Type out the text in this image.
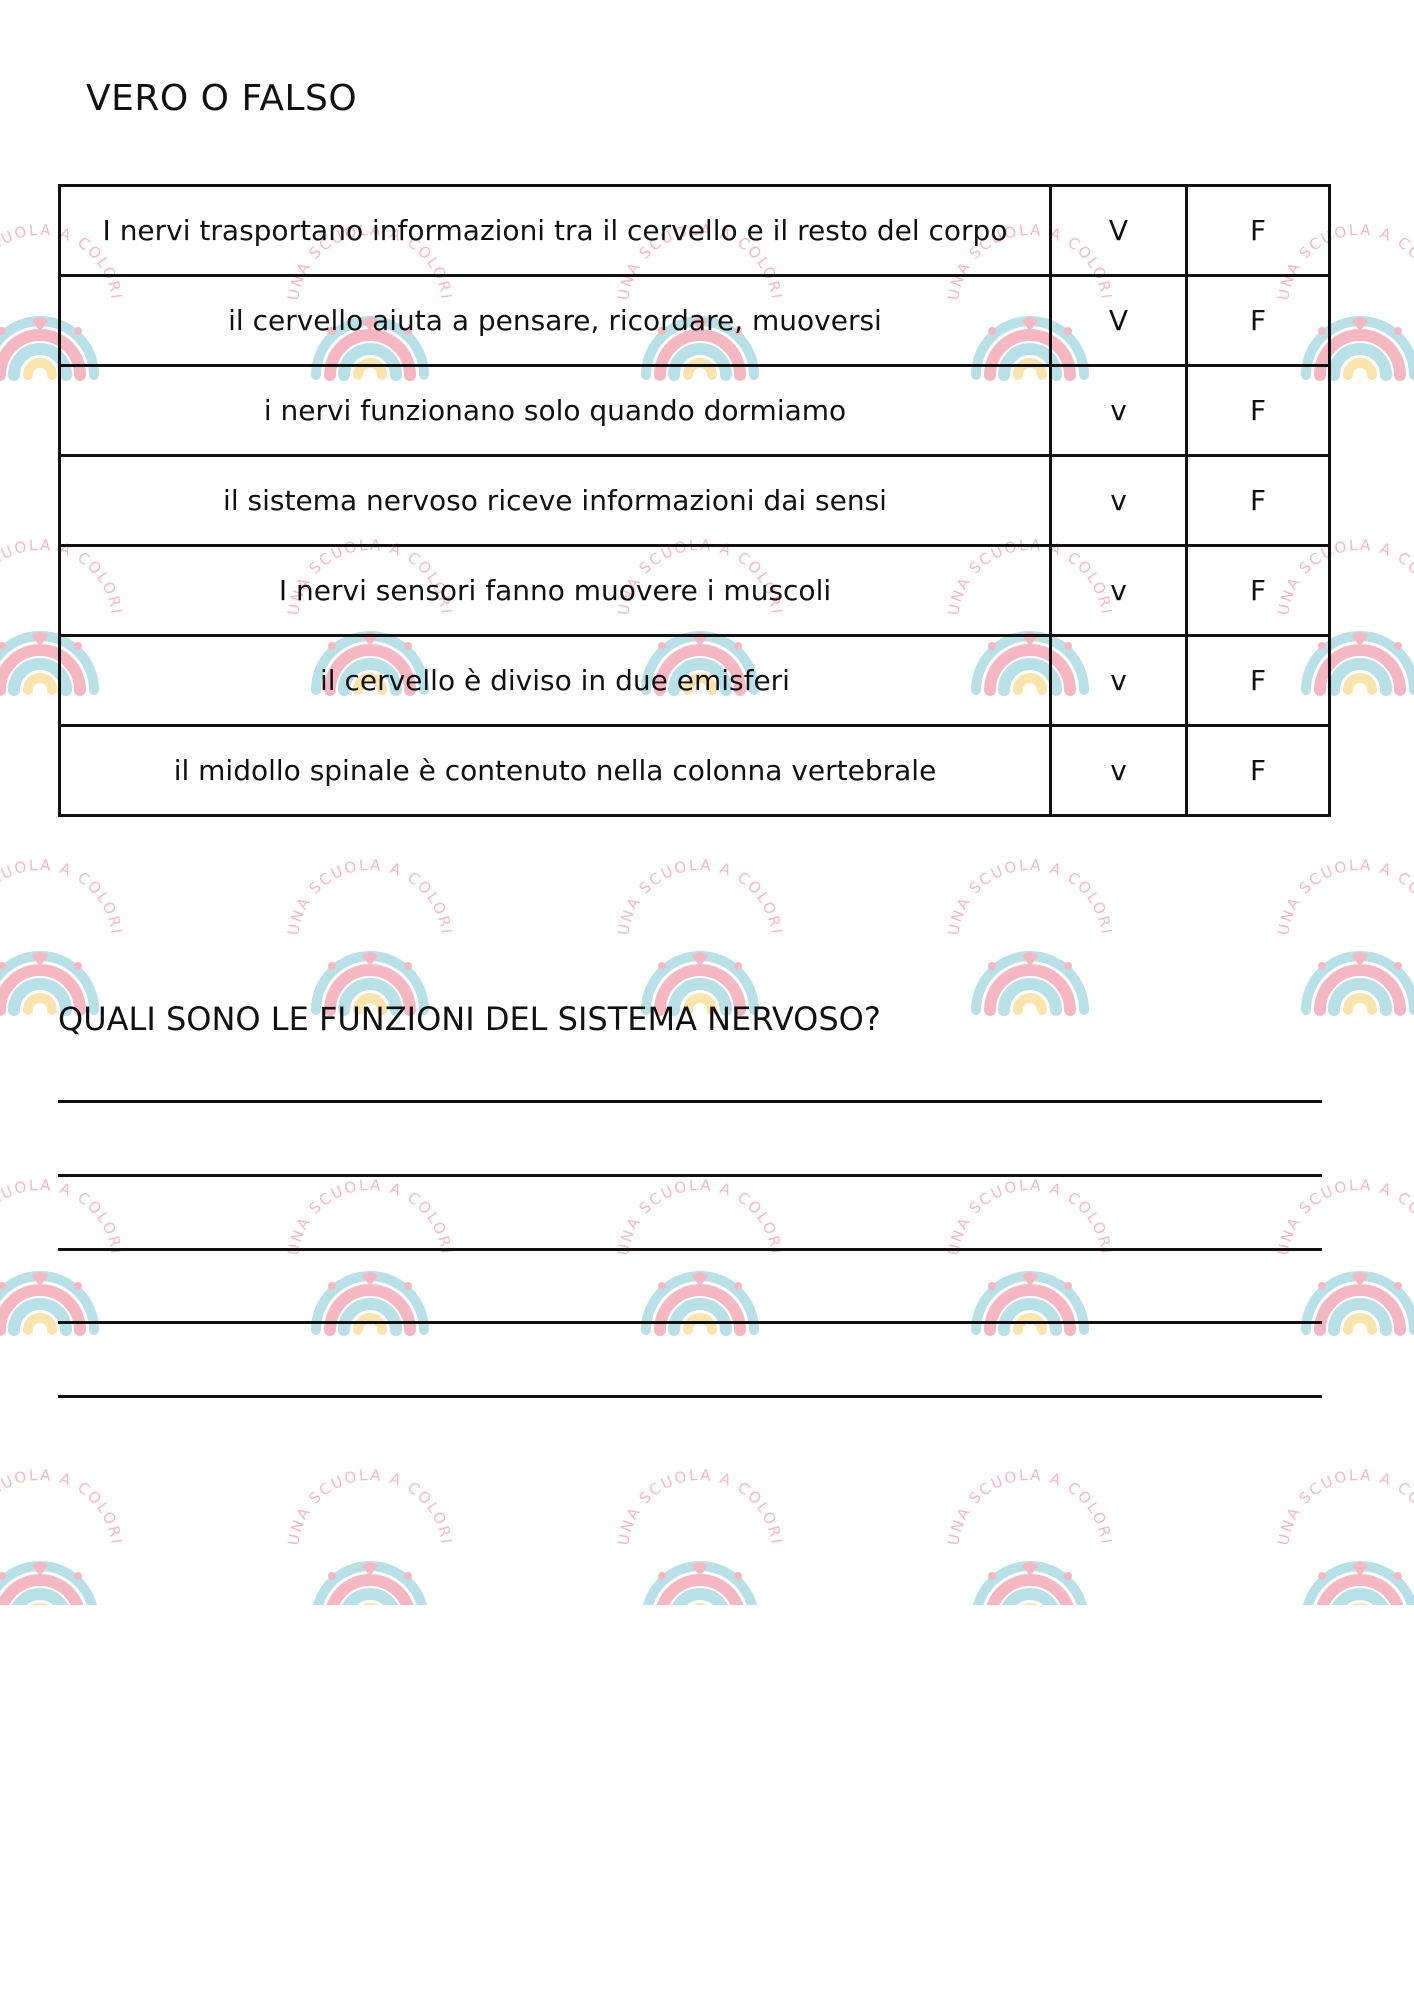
VERO O FALSO
I nervi trasportano informazioni tra il cervello e il resto del corpo	V	F
il cervello aiuta a pensare, ricordare, muoversi	V	F
i nervi funzionano solo quando dormiamo	v	F
il sistema nervoso riceve informazioni dai sensi	v	F
I nervi sensori fanno muovere i muscoli	v	F
il cervello è diviso in due emisferi	v	F
il midollo spinale è contenuto nella colonna vertebrale	v	F
QUALI SONO LE FUNZIONI DEL SISTEMA NERVOSO?
